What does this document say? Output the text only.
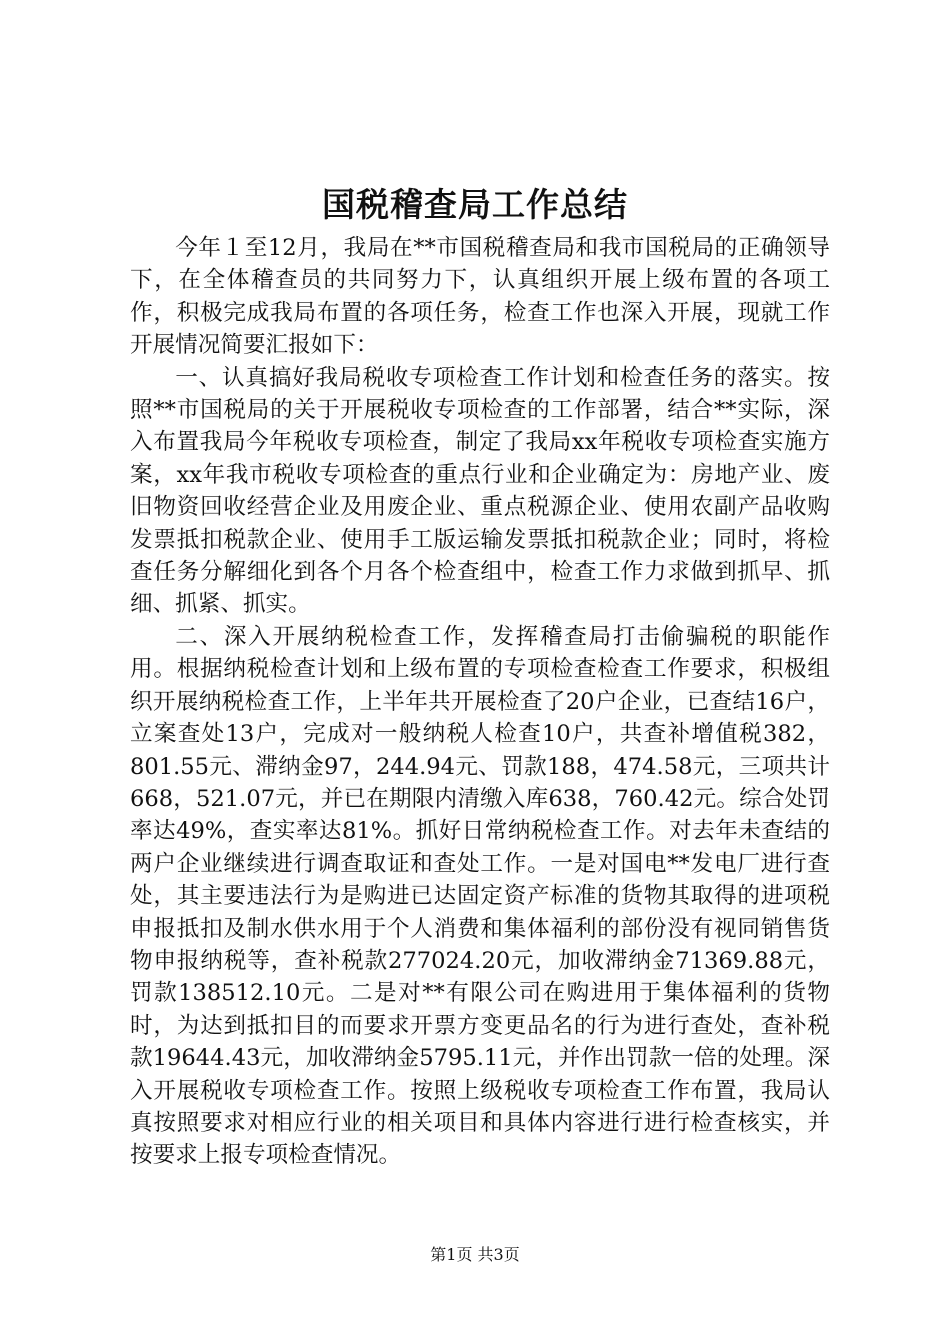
国税稽查局工作总结

今年１至12月，我局在**市国税稽查局和我市国税局的正确领导下，在全体稽查员的共同努力下，认真组织开展上级布置的各项工作，积极完成我局布置的各项任务，检查工作也深入开展，现就工作开展情况简要汇报如下：

一、认真搞好我局税收专项检查工作计划和检查任务的落实。按照**市国税局的关于开展税收专项检查的工作部署，结合**实际，深入布置我局今年税收专项检查，制定了我局xx年税收专项检查实施方案，xx年我市税收专项检查的重点行业和企业确定为：房地产业、废旧物资回收经营企业及用废企业、重点税源企业、使用农副产品收购发票抵扣税款企业、使用手工版运输发票抵扣税款企业；同时，将检查任务分解细化到各个月各个检查组中，检查工作力求做到抓早、抓细、抓紧、抓实。

二、深入开展纳税检查工作，发挥稽查局打击偷骗税的职能作用。根据纳税检查计划和上级布置的专项检查检查工作要求，积极组织开展纳税检查工作，上半年共开展检查了20户企业，已查结16户，立案查处13户，完成对一般纳税人检查10户，共查补增值税382，801.55元、滞纳金97，244.94元、罚款188，474.58元，三项共计668，521.07元，并已在期限内清缴入库638，760.42元。综合处罚率达49%，查实率达81%。抓好日常纳税检查工作。对去年未查结的两户企业继续进行调查取证和查处工作。一是对国电**发电厂进行查处，其主要违法行为是购进已达固定资产标准的货物其取得的进项税申报抵扣及制水供水用于个人消费和集体福利的部份没有视同销售货物申报纳税等，查补税款277024.20元，加收滞纳金71369.88元，罚款138512.10元。二是对**有限公司在购进用于集体福利的货物时，为达到抵扣目的而要求开票方变更品名的行为进行查处，查补税款19644.43元，加收滞纳金5795.11元，并作出罚款一倍的处理。深入开展税收专项检查工作。按照上级税收专项检查工作布置，我局认真按照要求对相应行业的相关项目和具体内容进行进行检查核实，并按要求上报专项检查情况。

第1页 共3页
